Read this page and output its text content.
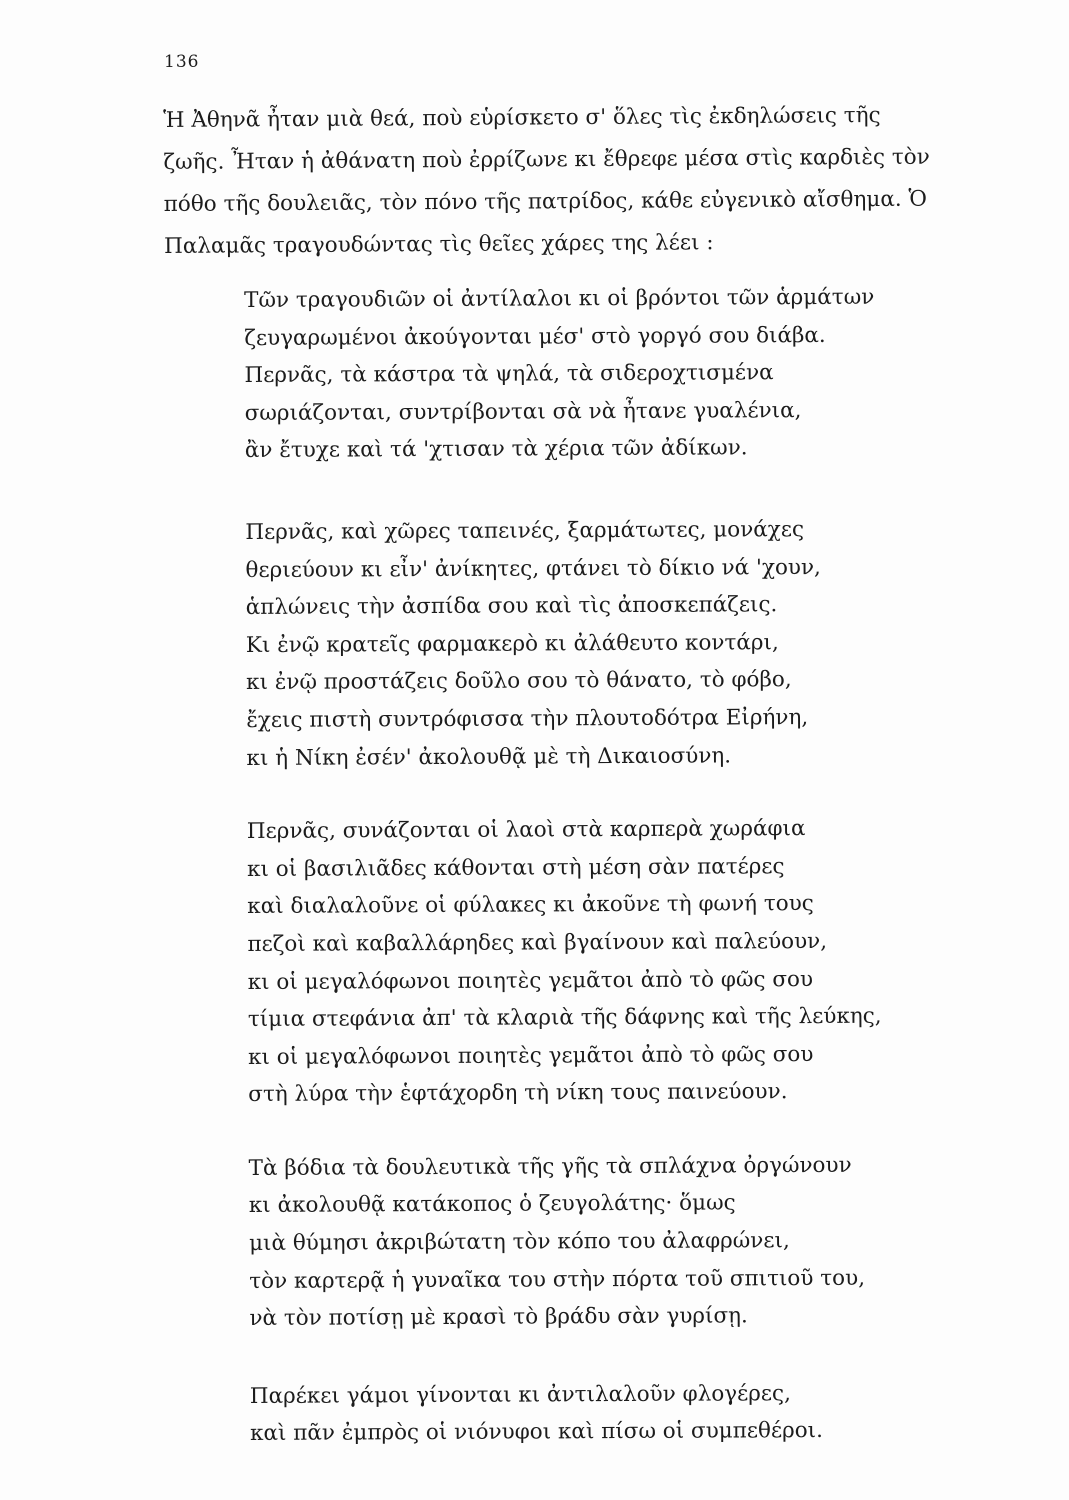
136
Ἡ Ἀθηνᾶ ἦταν μιὰ θεά, ποὺ εὑρίσκετο σ' ὅλες τὶς ἐκδηλώσεις τῆς
ζωῆς. Ἦταν ἡ ἀθάνατη ποὺ ἐρρίζωνε κι ἔθρεφε μέσα στὶς καρδιὲς τὸν
πόθο τῆς δουλειᾶς, τὸν πόνο τῆς πατρίδος, κάθε εὐγενικὸ αἴσθημα. Ὁ
Παλαμᾶς τραγουδώντας τὶς θεῖες χάρες της λέει :
Τῶν τραγουδιῶν οἱ ἀντίλαλοι κι οἱ βρόντοι τῶν ἁρμάτων
ζευγαρωμένοι ἀκούγονται μέσ' στὸ γοργό σου διάβα.
Περνᾶς, τὰ κάστρα τὰ ψηλά, τὰ σιδεροχτισμένα
σωριάζονται, συντρίβονται σὰ νὰ ἦτανε γυαλένια,
ἂν ἔτυχε καὶ τά 'χτισαν τὰ χέρια τῶν ἀδίκων.
Περνᾶς, καὶ χῶρες ταπεινές, ξαρμάτωτες, μονάχες
θεριεύουν κι εἶν' ἀνίκητες, φτάνει τὸ δίκιο νά 'χουν,
ἁπλώνεις τὴν ἀσπίδα σου καὶ τὶς ἀποσκεπάζεις.
Κι ἐνῷ κρατεῖς φαρμακερὸ κι ἀλάθευτο κοντάρι,
κι ἐνῷ προστάζεις δοῦλο σου τὸ θάνατο, τὸ φόβο,
ἔχεις πιστὴ συντρόφισσα τὴν πλουτοδότρα Εἰρήνη,
κι ἡ Νίκη ἐσέν' ἀκολουθᾷ μὲ τὴ Δικαιοσύνη.
Περνᾶς, συνάζονται οἱ λαοὶ στὰ καρπερὰ χωράφια
κι οἱ βασιλιᾶδες κάθονται στὴ μέση σὰν πατέρες
καὶ διαλαλοῦνε οἱ φύλακες κι ἀκοῦνε τὴ φωνή τους
πεζοὶ καὶ καβαλλάρηδες καὶ βγαίνουν καὶ παλεύουν,
κι οἱ μεγαλόφωνοι ποιητὲς γεμᾶτοι ἀπὸ τὸ φῶς σου
τίμια στεφάνια ἀπ' τὰ κλαριὰ τῆς δάφνης καὶ τῆς λεύκης,
κι οἱ μεγαλόφωνοι ποιητὲς γεμᾶτοι ἀπὸ τὸ φῶς σου
στὴ λύρα τὴν ἑφτάχορδη τὴ νίκη τους παινεύουν.
Τὰ βόδια τὰ δουλευτικὰ τῆς γῆς τὰ σπλάχνα ὀργώνουν
κι ἀκολουθᾷ κατάκοπος ὁ ζευγολάτης· ὅμως
μιὰ θύμησι ἀκριβώτατη τὸν κόπο του ἀλαφρώνει,
τὸν καρτερᾷ ἡ γυναῖκα του στὴν πόρτα τοῦ σπιτιοῦ του,
νὰ τὸν ποτίσῃ μὲ κρασὶ τὸ βράδυ σὰν γυρίσῃ.
Παρέκει γάμοι γίνονται κι ἀντιλαλοῦν φλογέρες,
καὶ πᾶν ἐμπρὸς οἱ νιόνυφοι καὶ πίσω οἱ συμπεθέροι.
